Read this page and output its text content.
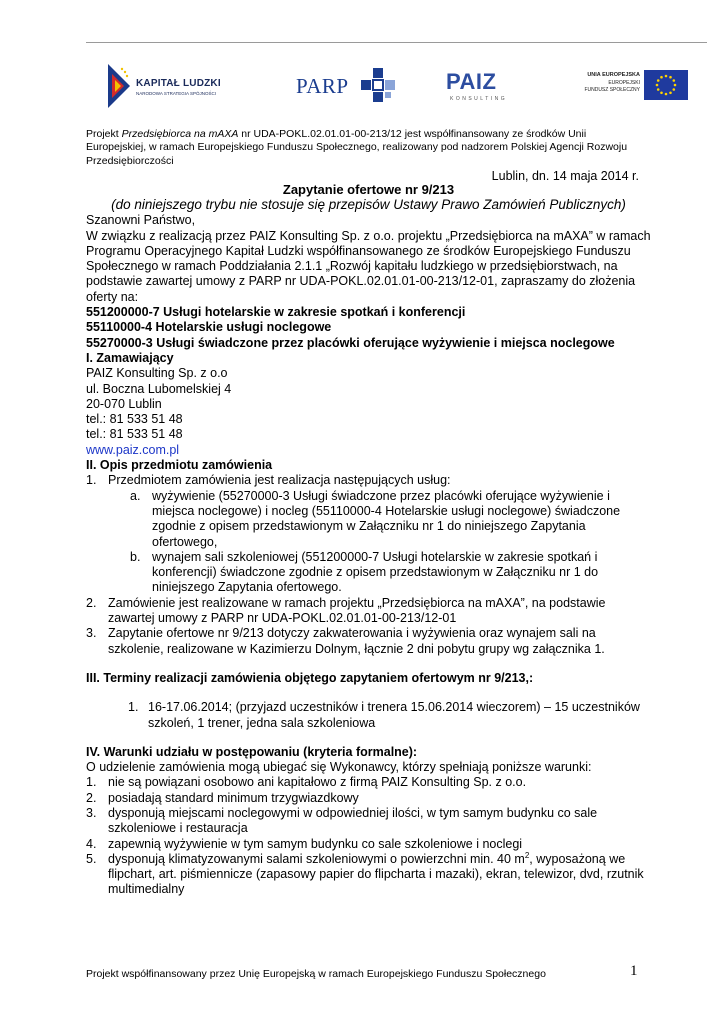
KAPITAŁ LUDZKI
NARODOWA STRATEGIA SPÓJNOŚCI	PARP	PAIZ
KONSULTING
UNIA EUROPEJSKA
EUROPEJSKI
FUNDUSZ SPOŁECZNY
Projekt Przedsiębiorca na mAXA nr UDA-POKL.02.01.01-00-213/12 jest współfinansowany ze środków Unii Europejskiej, w ramach Europejskiego Funduszu Społecznego, realizowany pod nadzorem Polskiej Agencji Rozwoju Przedsiębiorczości
Lublin, dn. 14 maja 2014 r.
Zapytanie ofertowe nr 9/213
(do niniejszego trybu nie stosuje się przepisów Ustawy Prawo Zamówień Publicznych)
Szanowni Państwo,
W związku z realizacją przez PAIZ Konsulting Sp. z o.o. projektu „Przedsiębiorca na mAXA” w ramach Programu Operacyjnego Kapitał Ludzki współfinansowanego ze środków Europejskiego Funduszu Społecznego w ramach Poddziałania 2.1.1 „Rozwój kapitału ludzkiego w przedsiębiorstwach, na podstawie zawartej umowy z PARP nr UDA-POKL.02.01.01-00-213/12-01, zapraszamy do złożenia oferty na:
551200000-7 Usługi hotelarskie w zakresie spotkań i konferencji
55110000-4 Hotelarskie usługi noclegowe
55270000-3 Usługi świadczone przez placówki oferujące wyżywienie i miejsca noclegowe
I. Zamawiający
PAIZ Konsulting Sp. z o.o
ul. Boczna Lubomelskiej 4
20-070 Lublin
tel.: 81 533 51 48
tel.: 81 533 51 48
www.paiz.com.pl
II. Opis przedmiotu zamówienia
1. Przedmiotem zamówienia jest realizacja następujących usług:
a. wyżywienie (55270000-3 Usługi świadczone przez placówki oferujące wyżywienie i miejsca noclegowe) i nocleg (55110000-4 Hotelarskie usługi noclegowe) świadczone zgodnie z opisem przedstawionym w Załączniku nr 1 do niniejszego Zapytania ofertowego,
b. wynajem sali szkoleniowej (551200000-7 Usługi hotelarskie w zakresie spotkań i konferencji) świadczone zgodnie z opisem przedstawionym w Załączniku nr 1 do niniejszego Zapytania ofertowego.
2. Zamówienie jest realizowane w ramach projektu „Przedsiębiorca na mAXA”, na podstawie zawartej umowy z PARP nr UDA-POKL.02.01.01-00-213/12-01
3. Zapytanie ofertowe nr 9/213 dotyczy zakwaterowania i wyżywienia oraz wynajem sali na szkolenie, realizowane w Kazimierzu Dolnym, łącznie 2 dni pobytu grupy wg załącznika 1.
III. Terminy realizacji zamówienia objętego zapytaniem ofertowym nr 9/213,:
1. 16-17.06.2014; (przyjazd uczestników i trenera 15.06.2014 wieczorem) – 15 uczestników szkoleń, 1 trener, jedna sala szkoleniowa
IV. Warunki udziału w postępowaniu (kryteria formalne):
O udzielenie zamówienia mogą ubiegać się Wykonawcy, którzy spełniają poniższe warunki:
1. nie są powiązani osobowo ani kapitałowo z firmą PAIZ Konsulting Sp. z o.o.
2. posiadają standard minimum trzygwiazdkowy
3. dysponują miejscami noclegowymi w odpowiedniej ilości, w tym samym budynku co sale szkoleniowe i restauracja
4. zapewnią wyżywienie w tym samym budynku co sale szkoleniowe i noclegi
5. dysponują klimatyzowanymi salami szkoleniowymi o powierzchni min. 40 $m^2$, wyposażoną we flipchart, art. piśmiennicze (zapasowy papier do flipcharta i mazaki), ekran, telewizor, dvd, rzutnik multimedialny
Projekt współfinansowany przez Unię Europejską w ramach Europejskiego Funduszu Społecznego	1
